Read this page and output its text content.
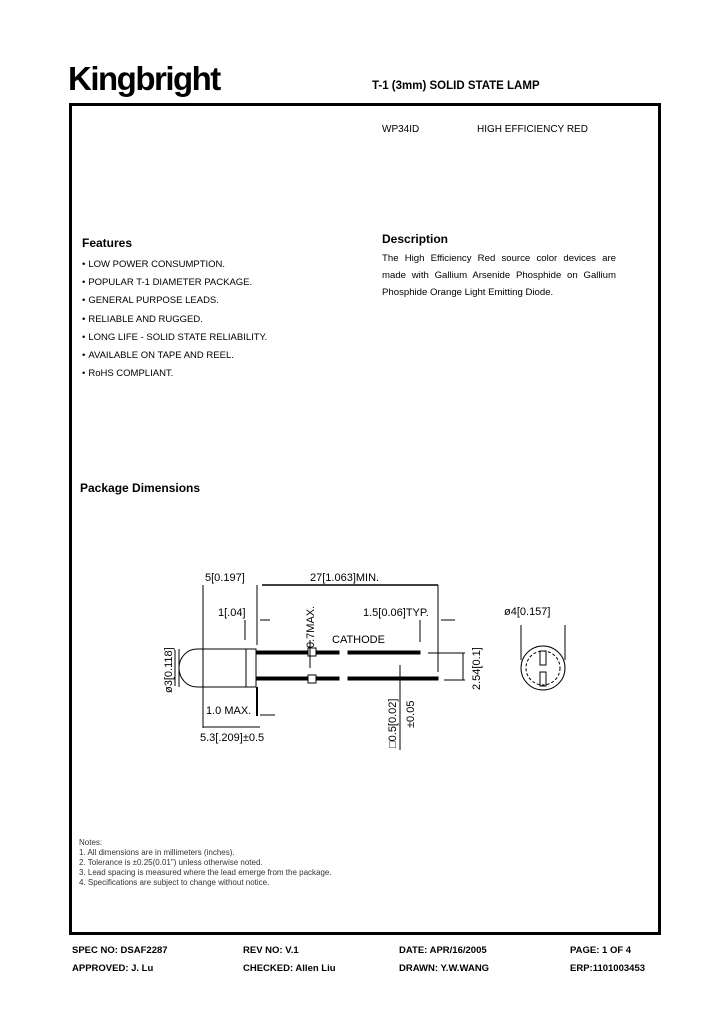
Kingbright	T-1 (3mm) SOLID STATE LAMP
WP34ID	HIGH EFFICIENCY RED
Features
• LOW POWER CONSUMPTION.
• POPULAR T-1 DIAMETER PACKAGE.
• GENERAL PURPOSE LEADS.
• RELIABLE AND RUGGED.
• LONG LIFE - SOLID STATE RELIABILITY.
• AVAILABLE ON TAPE AND REEL.
• RoHS COMPLIANT.
Description
The High Efficiency Red source color devices are made with Gallium Arsenide Phosphide on Gallium Phosphide Orange Light Emitting Diode.
Package Dimensions
5[0.197]	27[1.063]MIN.
1[.04]	1.5[0.06]TYP.
CATHODE
1.0 MAX.
5.3[.209]±0.5
ø4[0.157]
ø3[0.118]
0.7MAX.
2.54[0.1]
□0.5[0.02] ±0.05
Notes:
1. All dimensions are in millimeters (inches).
2. Tolerance is ±0.25(0.01") unless otherwise noted.
3. Lead spacing is measured where the lead emerge from the package.
4. Specifications are subject to change without notice.
SPEC NO: DSAF2287	REV NO: V.1	DATE: APR/16/2005	PAGE: 1 OF 4
APPROVED: J. Lu	CHECKED: Allen Liu	DRAWN: Y.W.WANG	ERP:1101003453
